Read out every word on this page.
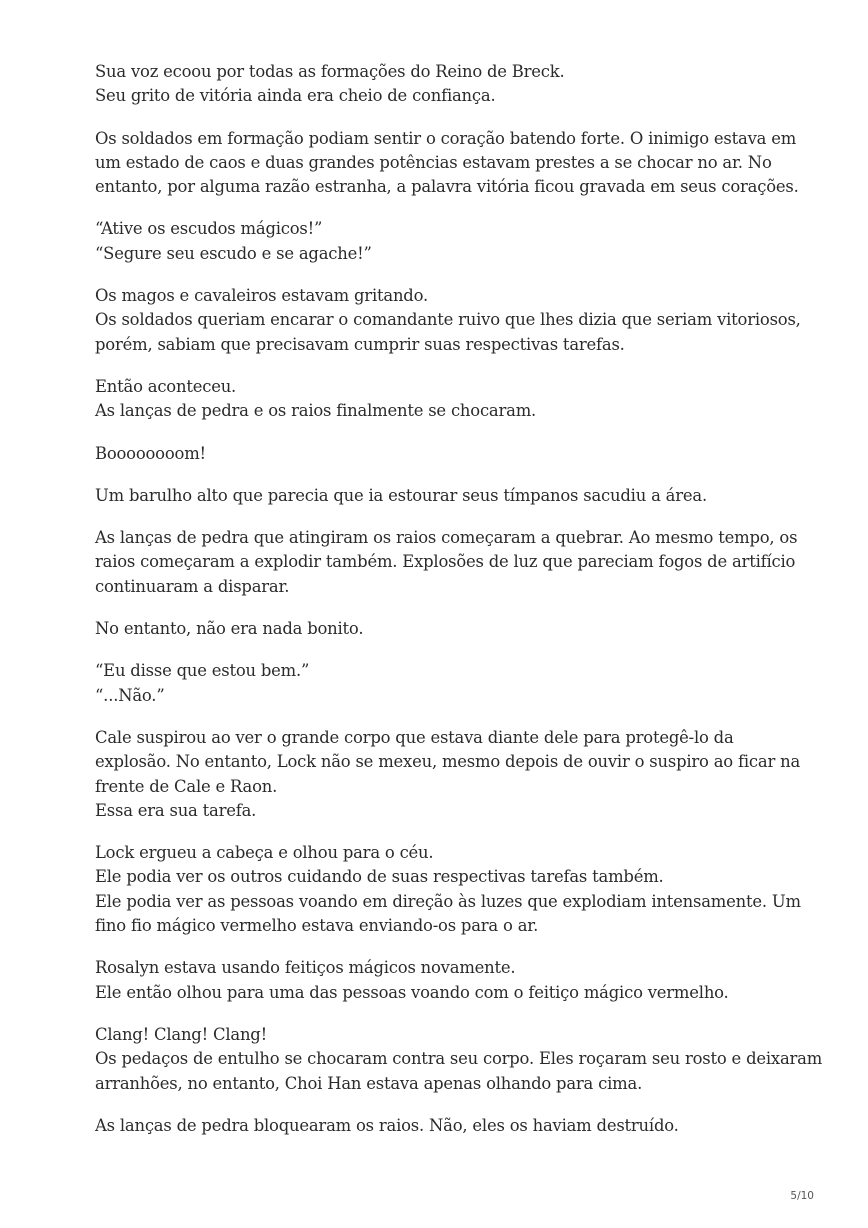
Sua voz ecoou por todas as formações do Reino de Breck.
Seu grito de vitória ainda era cheio de confiança.

Os soldados em formação podiam sentir o coração batendo forte. O inimigo estava em
um estado de caos e duas grandes potências estavam prestes a se chocar no ar. No
entanto, por alguma razão estranha, a palavra vitória ficou gravada em seus corações.

“Ative os escudos mágicos!”
“Segure seu escudo e se agache!”

Os magos e cavaleiros estavam gritando.
Os soldados queriam encarar o comandante ruivo que lhes dizia que seriam vitoriosos,
porém, sabiam que precisavam cumprir suas respectivas tarefas.

Então aconteceu.
As lanças de pedra e os raios finalmente se chocaram.

Boooooooom!

Um barulho alto que parecia que ia estourar seus tímpanos sacudiu a área.

As lanças de pedra que atingiram os raios começaram a quebrar. Ao mesmo tempo, os
raios começaram a explodir também. Explosões de luz que pareciam fogos de artifício
continuaram a disparar.

No entanto, não era nada bonito.

“Eu disse que estou bem.”
“...Não.”

Cale suspirou ao ver o grande corpo que estava diante dele para protegê-lo da
explosão. No entanto, Lock não se mexeu, mesmo depois de ouvir o suspiro ao ficar na
frente de Cale e Raon.
Essa era sua tarefa.

Lock ergueu a cabeça e olhou para o céu.
Ele podia ver os outros cuidando de suas respectivas tarefas também.
Ele podia ver as pessoas voando em direção às luzes que explodiam intensamente. Um
fino fio mágico vermelho estava enviando-os para o ar.

Rosalyn estava usando feitiços mágicos novamente.
Ele então olhou para uma das pessoas voando com o feitiço mágico vermelho.

Clang! Clang! Clang!
Os pedaços de entulho se chocaram contra seu corpo. Eles roçaram seu rosto e deixaram
arranhões, no entanto, Choi Han estava apenas olhando para cima.

As lanças de pedra bloquearam os raios. Não, eles os haviam destruído.

5/10
